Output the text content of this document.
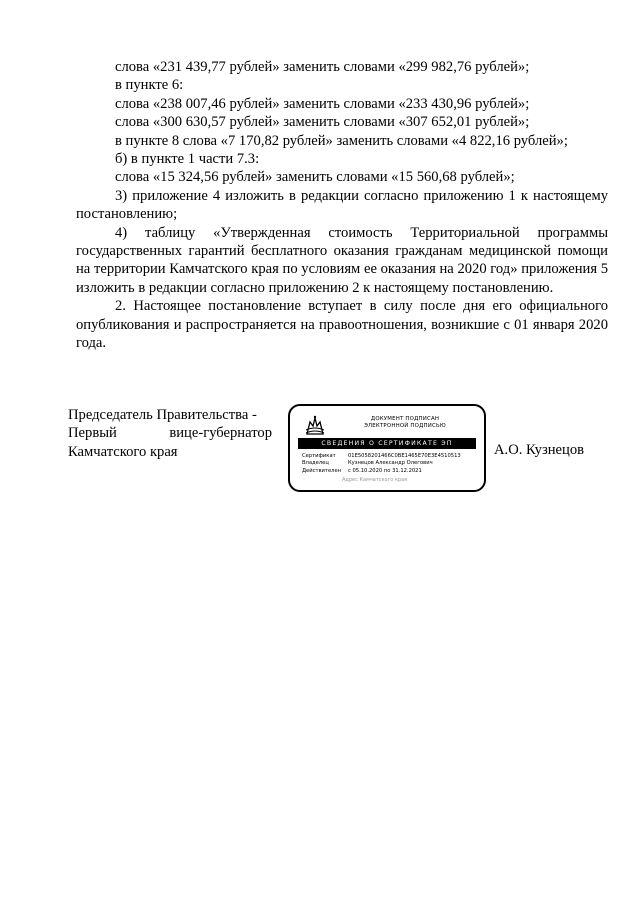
слова «231 439,77 рублей» заменить словами «299 982,76 рублей»;

в пункте 6:

слова «238 007,46 рублей» заменить словами «233 430,96 рублей»;

слова «300 630,57 рублей» заменить словами «307 652,01 рублей»;

в пункте 8 слова «7 170,82 рублей» заменить словами «4 822,16 рублей»;

б) в пункте 1 части 7.3:

слова «15 324,56 рублей» заменить словами «15 560,68 рублей»;

3) приложение 4 изложить в редакции согласно приложению 1 к настоящему постановлению;

4) таблицу «Утвержденная стоимость Территориальной программы государственных гарантий бесплатного оказания гражданам медицинской помощи на территории Камчатского края по условиям ее оказания на 2020 год» приложения 5 изложить в редакции согласно приложению 2 к настоящему постановлению.

2. Настоящее постановление вступает в силу после дня его официального опубликования и распространяется на правоотношения, возникшие с 01 января 2020 года.

Председатель Правительства -
Первый	вице-губернатор
Камчатского края
ДОКУМЕНТ ПОДПИСАН
ЭЛЕКТРОННОЙ ПОДПИСЬЮ
СВЕДЕНИЯ О СЕРТИФИКАТЕ ЭП
Сертификат	01E5058201466C0BE1465E70E3E4510513
Владелец	Кузнецов Александр Олегович
Действителен	с 05.10.2020 по 31.12.2021
Адрес Камчатского края
А.О. Кузнецов
